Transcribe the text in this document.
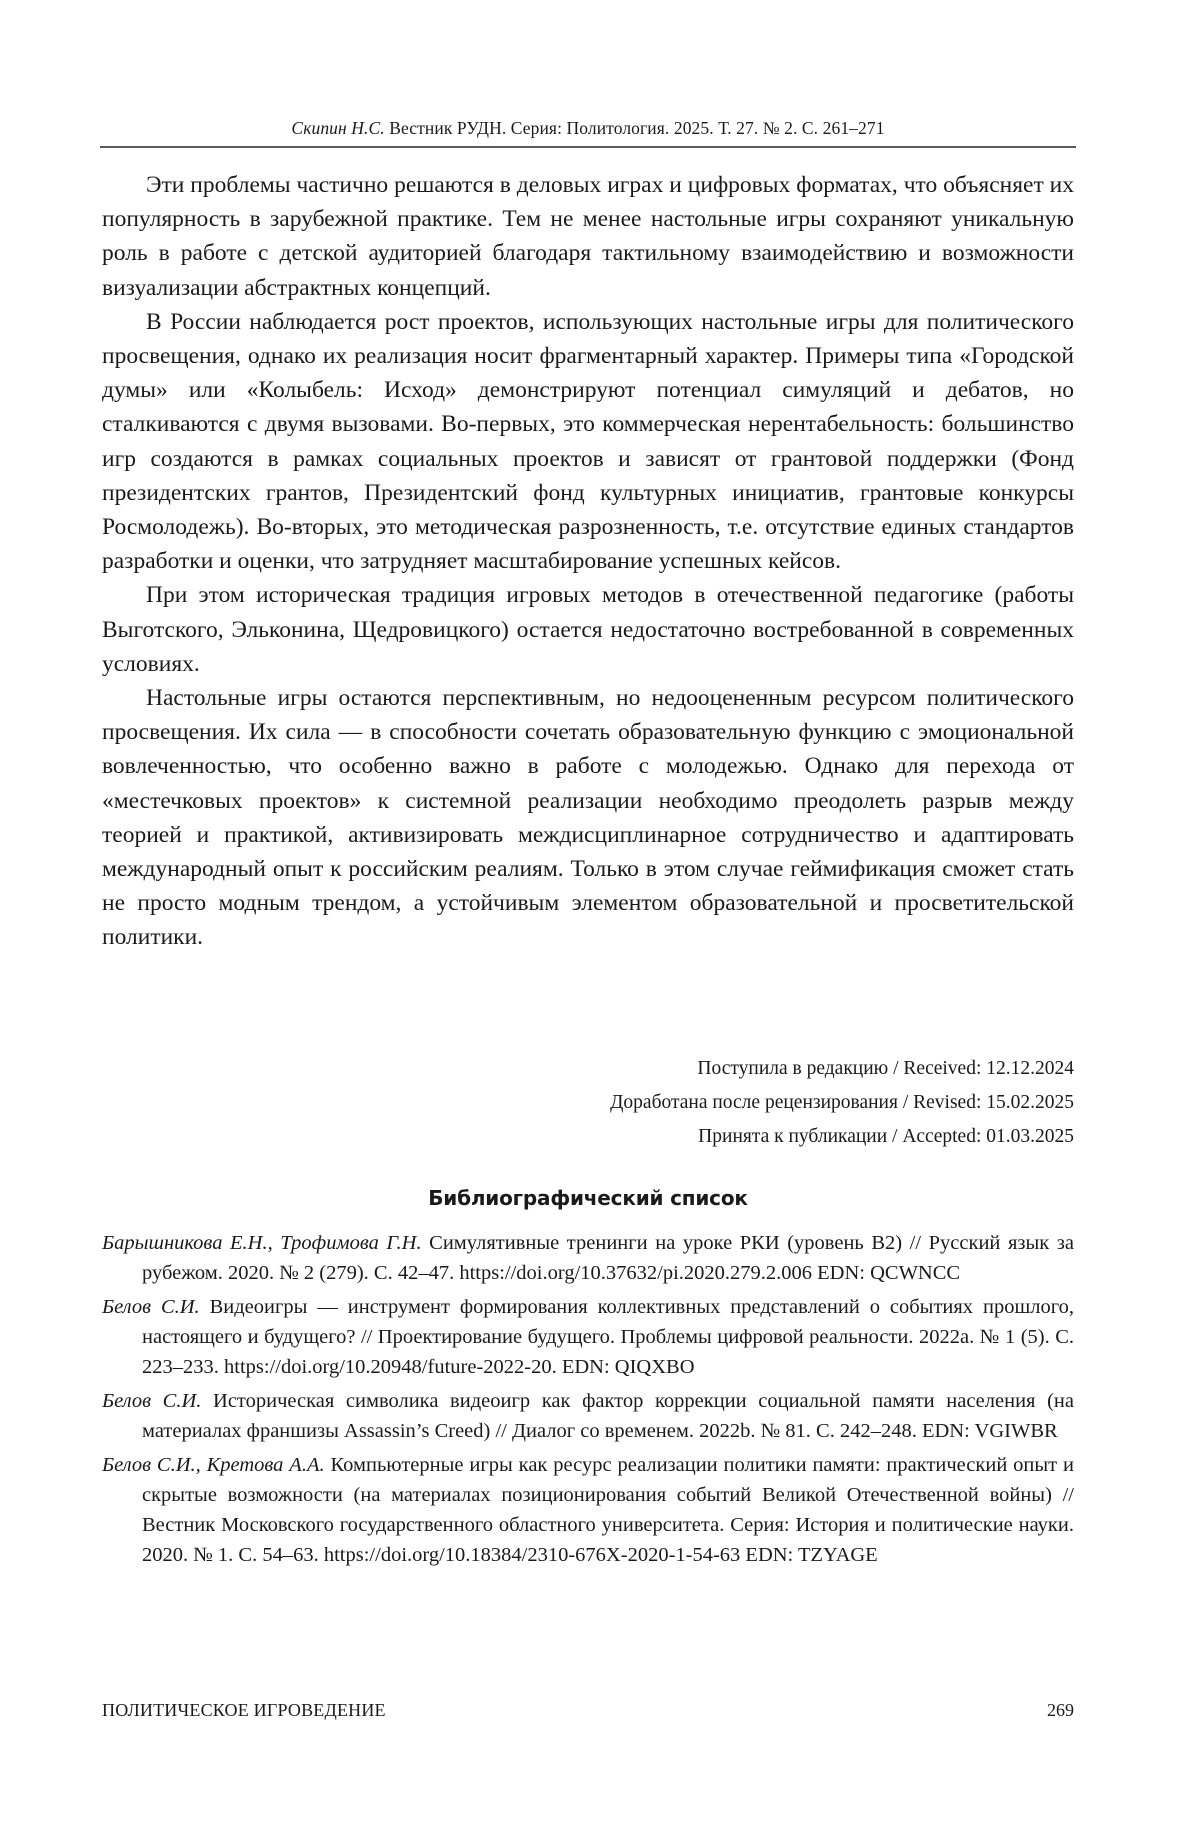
Скипин Н.С. Вестник РУДН. Серия: Политология. 2025. Т. 27. № 2. С. 261–271

Эти проблемы частично решаются в деловых играх и цифровых форматах, что объясняет их популярность в зарубежной практике. Тем не менее настольные игры сохраняют уникальную роль в работе с детской аудиторией благодаря тактильному взаимодействию и возможности визуализации абстрактных концепций.

В России наблюдается рост проектов, использующих настольные игры для политического просвещения, однако их реализация носит фрагментарный характер. Примеры типа «Городской думы» или «Колыбель: Исход» демонстрируют потенциал симуляций и дебатов, но сталкиваются с двумя вызовами. Во-первых, это коммерческая нерентабельность: большинство игр создаются в рамках социальных проектов и зависят от грантовой поддержки (Фонд президентских грантов, Президентский фонд культурных инициатив, грантовые конкурсы Росмолодежь). Во-вторых, это методическая разрозненность, т.е. отсутствие единых стандартов разработки и оценки, что затрудняет масштабирование успешных кейсов.

При этом историческая традиция игровых методов в отечественной педагогике (работы Выготского, Эльконина, Щедровицкого) остается недостаточно востребованной в современных условиях.

Настольные игры остаются перспективным, но недооцененным ресурсом политического просвещения. Их сила — в способности сочетать образовательную функцию с эмоциональной вовлеченностью, что особенно важно в работе с молодежью. Однако для перехода от «местечковых проектов» к системной реализации необходимо преодолеть разрыв между теорией и практикой, активизировать междисциплинарное сотрудничество и адаптировать международный опыт к российским реалиям. Только в этом случае геймификация сможет стать не просто модным трендом, а устойчивым элементом образовательной и просветительской политики.

Поступила в редакцию / Received: 12.12.2024
Доработана после рецензирования / Revised: 15.02.2025
Принята к публикации / Accepted: 01.03.2025
Библиографический список
Барышникова Е.Н., Трофимова Г.Н. Симулятивные тренинги на уроке РКИ (уровень B2) // Русский язык за рубежом. 2020. № 2 (279). С. 42–47. https://doi.org/10.37632/pi.2020.279.2.006 EDN: QCWNCC
Белов С.И. Видеоигры — инструмент формирования коллективных представлений о событиях прошлого, настоящего и будущего? // Проектирование будущего. Проблемы цифровой реальности. 2022a. № 1 (5). С. 223–233. https://doi.org/10.20948/future-2022-20. EDN: QIQXBO
Белов С.И. Историческая символика видеоигр как фактор коррекции социальной памяти населения (на материалах франшизы Assassin’s Creed) // Диалог со временем. 2022b. № 81. С. 242–248. EDN: VGIWBR
Белов С.И., Кретова А.А. Компьютерные игры как ресурс реализации политики памяти: практический опыт и скрытые возможности (на материалах позиционирования событий Великой Отечественной войны) // Вестник Московского государственного областного университета. Серия: История и политические науки. 2020. № 1. С. 54–63. https://doi.org/10.18384/2310-676X-2020-1-54-63 EDN: TZYAGE
ПОЛИТИЧЕСКОЕ ИГРОВЕДЕНИЕ	269
